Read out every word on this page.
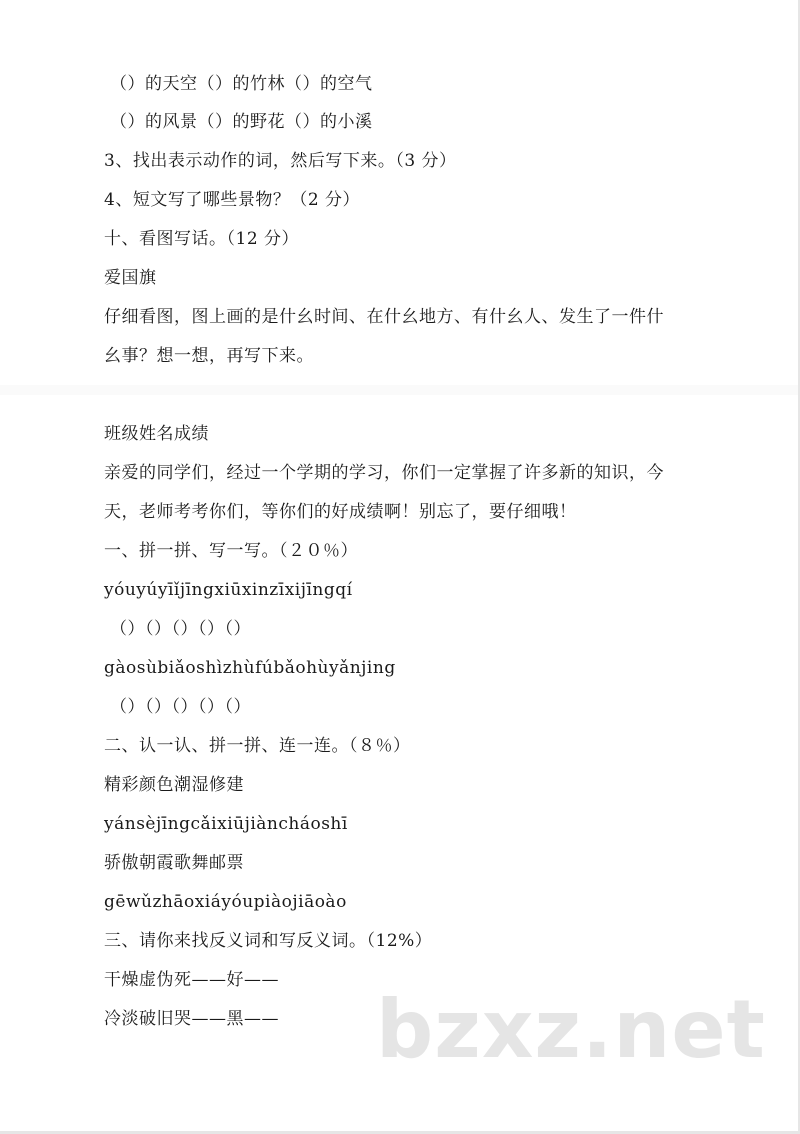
（）的天空（）的竹林（）的空气
（）的风景（）的野花（）的小溪
3、找出表示动作的词，然后写下来。（3 分）
4、短文写了哪些景物？（2 分）
十、看图写话。（12 分）
爱国旗
仔细看图，图上画的是什幺时间、在什幺地方、有什幺人、发生了一件什
幺事？想一想，再写下来。
班级姓名成绩
亲爱的同学们，经过一个学期的学习，你们一定掌握了许多新的知识，今
天，老师考考你们，等你们的好成绩啊！别忘了，要仔细哦！
一、拼一拼、写一写。（２０％）
yóuyúyīǐjīngxiūxinzīxijīngqí
（）（）（）（）（）
gàosùbiǎoshìzhùfúbǎohùyǎnjing
（）（）（）（）（）
二、认一认、拼一拼、连一连。（８％）
精彩颜色潮湿修建
yánsèjīngcǎixiūjiàncháoshī
骄傲朝霞歌舞邮票
gēwǔzhāoxiáyóupiàojiāoào
三、请你来找反义词和写反义词。（12%）
干燥虚伪死——好——
冷淡破旧哭——黑—— bzxz.net
